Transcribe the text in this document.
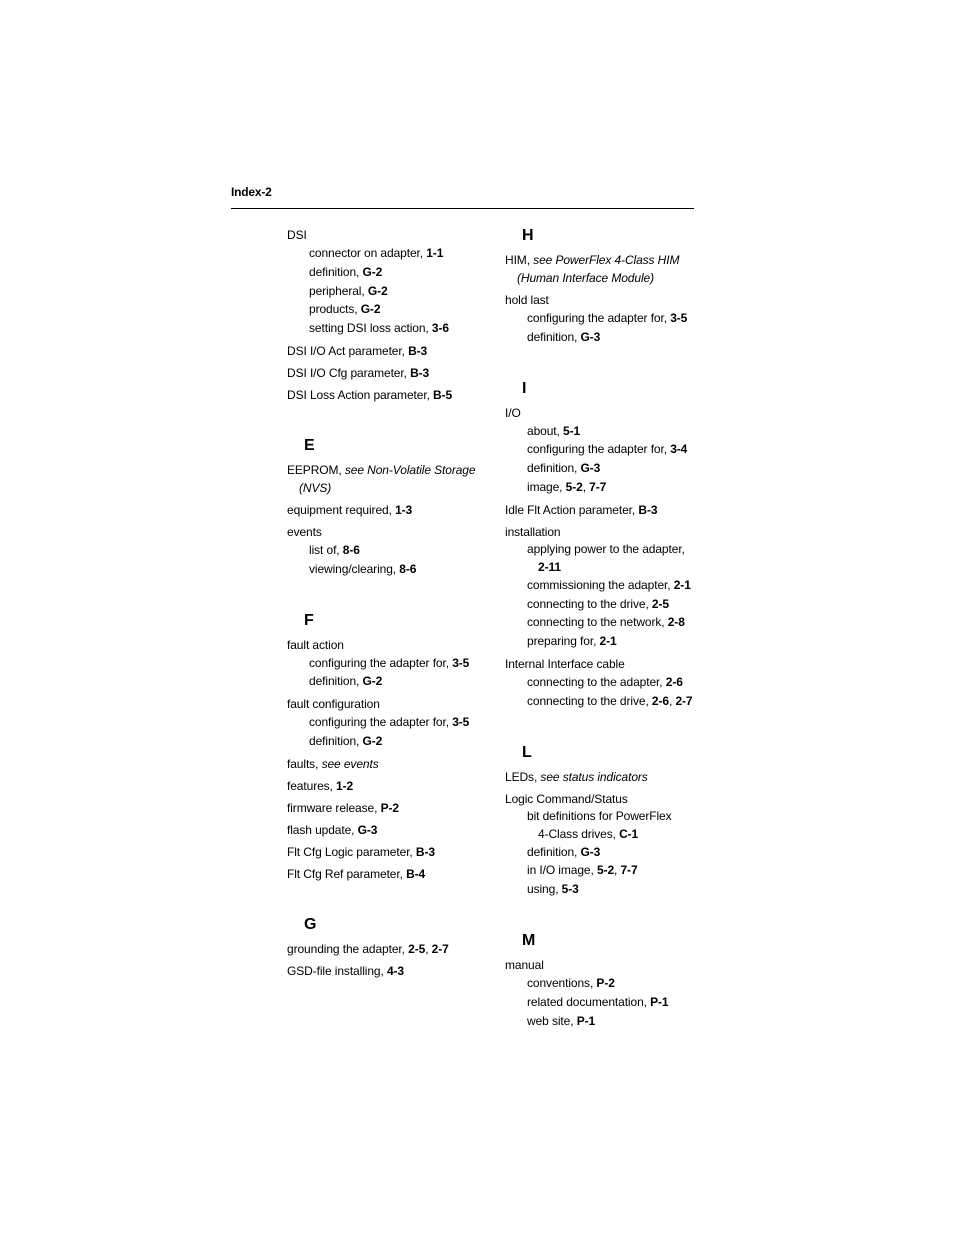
Index-2
DSI
connector on adapter, 1-1
definition, G-2
peripheral, G-2
products, G-2
setting DSI loss action, 3-6
DSI I/O Act parameter, B-3
DSI I/O Cfg parameter, B-3
DSI Loss Action parameter, B-5
E
EEPROM, see Non-Volatile Storage
(NVS)
equipment required, 1-3
events
list of, 8-6
viewing/clearing, 8-6
F
fault action
configuring the adapter for, 3-5
definition, G-2
fault configuration
configuring the adapter for, 3-5
definition, G-2
faults, see events
features, 1-2
firmware release, P-2
flash update, G-3
Flt Cfg Logic parameter, B-3
Flt Cfg Ref parameter, B-4
G
grounding the adapter, 2-5, 2-7
GSD-file installing, 4-3
H
HIM, see PowerFlex 4-Class HIM
(Human Interface Module)
hold last
configuring the adapter for, 3-5
definition, G-3
I
I/O
about, 5-1
configuring the adapter for, 3-4
definition, G-3
image, 5-2, 7-7
Idle Flt Action parameter, B-3
installation
applying power to the adapter,
2-11
commissioning the adapter, 2-1
connecting to the drive, 2-5
connecting to the network, 2-8
preparing for, 2-1
Internal Interface cable
connecting to the adapter, 2-6
connecting to the drive, 2-6, 2-7
L
LEDs, see status indicators
Logic Command/Status
bit definitions for PowerFlex
4-Class drives, C-1
definition, G-3
in I/O image, 5-2, 7-7
using, 5-3
M
manual
conventions, P-2
related documentation, P-1
web site, P-1
